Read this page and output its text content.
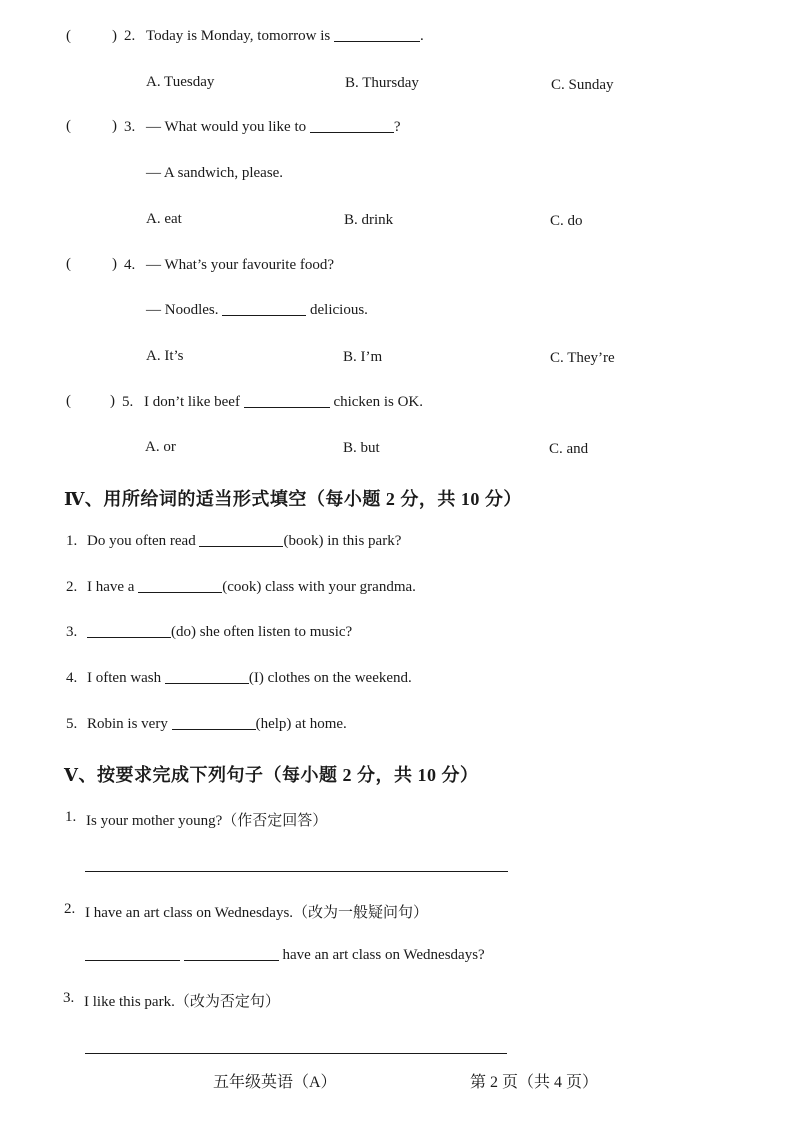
(	) 2. Today is Monday, tomorrow is	.
A. Tuesday	B. Thursday	C. Sunday
(	) 3. — What would you like to	?
— A sandwich, please.
A. eat	B. drink	C. do
(	) 4. — What’s your favourite food?
— Noodles.	delicious.
A. It’s	B. I’m	C. They’re
(	) 5. I don’t like beef	chicken is OK.
A. or	B. but	C. and
Ⅳ、用所给词的适当形式填空（每小题 2 分，共 10 分）
1. Do you often read	(book) in this park?
2. I have a	(cook) class with your grandma.
3.	(do) she often listen to music?
4. I often wash	(I) clothes on the weekend.
5. Robin is very	(help) at home.
Ⅴ、按要求完成下列句子（每小题 2 分，共 10 分）
1. Is your mother young?（作否定回答）
2. I have an art class on Wednesdays.（改为一般疑问句）
have an art class on Wednesdays?
3. I like this park.（改为否定句）
五年级英语（A）	第 2 页（共 4 页）
